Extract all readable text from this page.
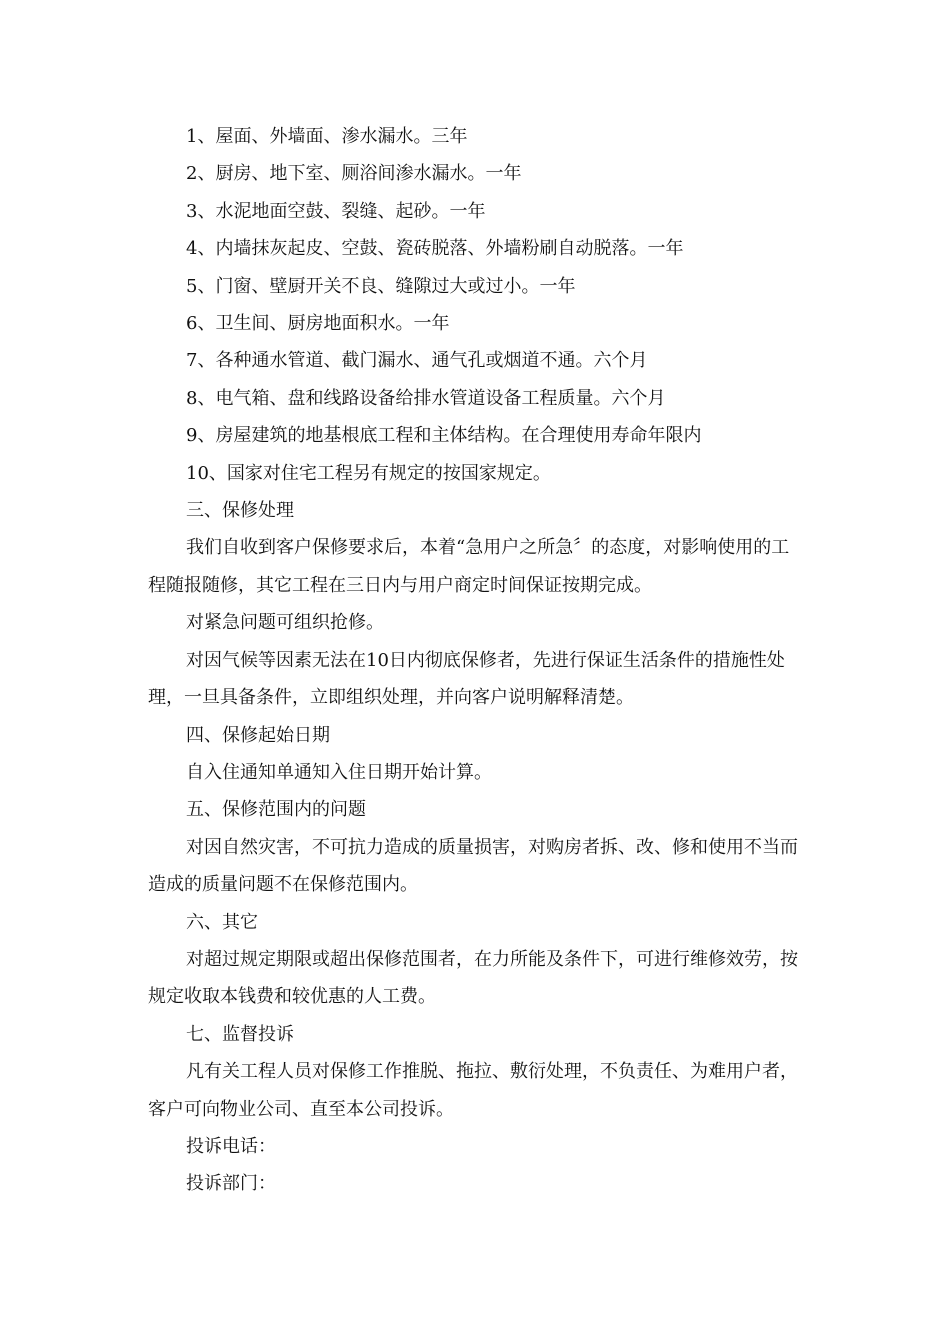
1、屋面、外墙面、渗水漏水。三年

2、厨房、地下室、厕浴间渗水漏水。一年

3、水泥地面空鼓、裂缝、起砂。一年

4、内墙抹灰起皮、空鼓、瓷砖脱落、外墙粉刷自动脱落。一年

5、门窗、壁厨开关不良、缝隙过大或过小。一年

6、卫生间、厨房地面积水。一年

7、各种通水管道、截门漏水、通气孔或烟道不通。六个月

8、电气箱、盘和线路设备给排水管道设备工程质量。六个月

9、房屋建筑的地基根底工程和主体结构。在合理使用寿命年限内

10、国家对住宅工程另有规定的按国家规定。

三、保修处理

我们自收到客户保修要求后，本着“急用户之所急〞的态度，对影响使用的工程随报随修，其它工程在三日内与用户商定时间保证按期完成。

对紧急问题可组织抢修。

对因气候等因素无法在10日内彻底保修者，先进行保证生活条件的措施性处理，一旦具备条件，立即组织处理，并向客户说明解释清楚。

四、保修起始日期

自入住通知单通知入住日期开始计算。

五、保修范围内的问题

对因自然灾害，不可抗力造成的质量损害，对购房者拆、改、修和使用不当而造成的质量问题不在保修范围内。

六、其它

对超过规定期限或超出保修范围者，在力所能及条件下，可进行维修效劳，按规定收取本钱费和较优惠的人工费。

七、监督投诉

凡有关工程人员对保修工作推脱、拖拉、敷衍处理，不负责任、为难用户者，客户可向物业公司、直至本公司投诉。

投诉电话：

投诉部门：
